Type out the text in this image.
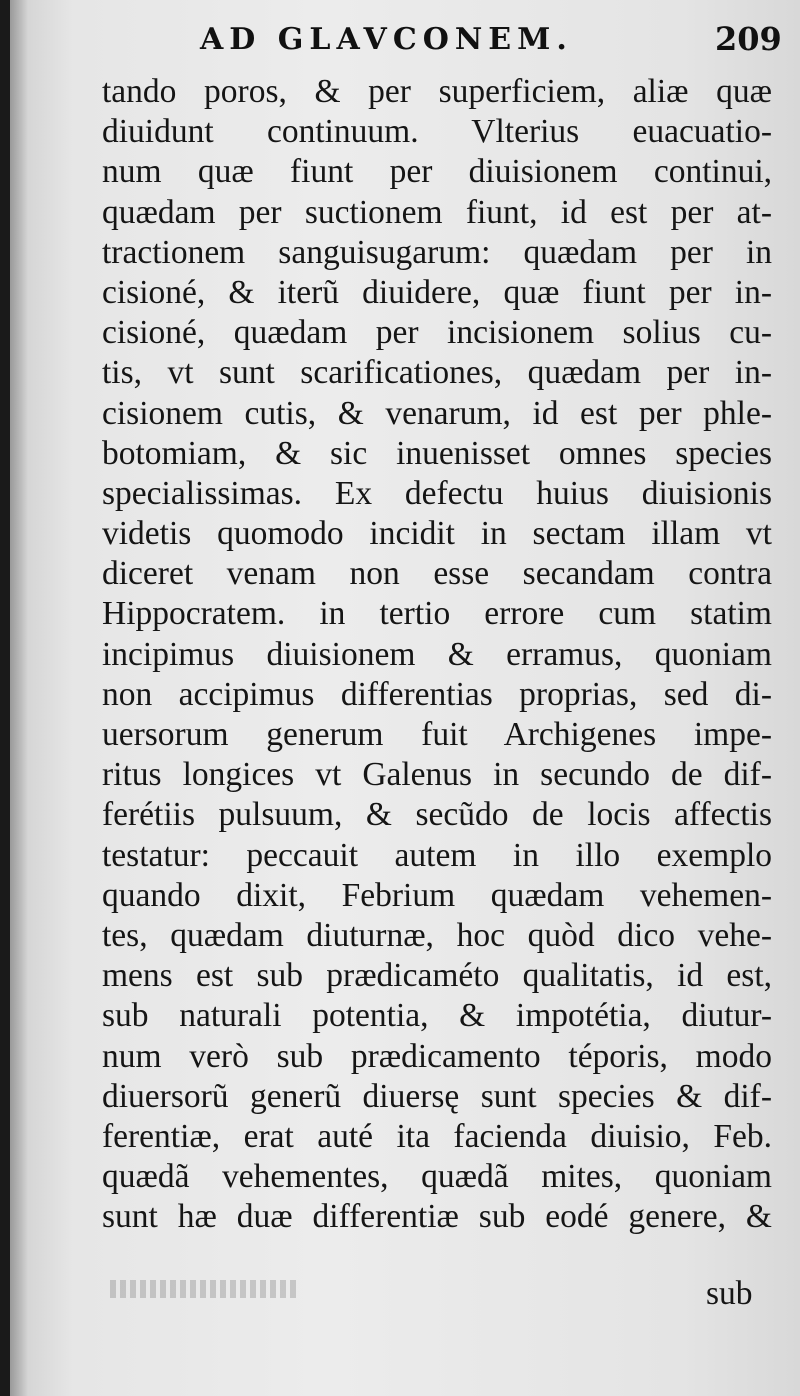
AD GLAVCONEM.	209
tando poros, & per superficiem, aliæ quæ
diuidunt continuum. Vlterius euacuatio-
num quæ fiunt per diuisionem continui,
quædam per suctionem fiunt, id est per at-
tractionem sanguisugarum: quædam per in
cisioné, & iterũ diuidere, quæ fiunt per in-
cisioné, quædam per incisionem solius cu-
tis, vt sunt scarificationes, quædam per in-
cisionem cutis, & venarum, id est per phle-
botomiam, & sic inuenisset omnes species
specialissimas. Ex defectu huius diuisionis
videtis quomodo incidit in sectam illam vt
diceret venam non esse secandam contra
Hippocratem. in tertio errore cum statim
incipimus diuisionem & erramus, quoniam
non accipimus differentias proprias, sed di-
uersorum generum fuit Archigenes impe-
ritus longices vt Galenus in secundo de dif-
ferétiis pulsuum, & secũdo de locis affectis
testatur: peccauit autem in illo exemplo
quando dixit, Febrium quædam vehemen-
tes, quædam diuturnæ, hoc quòd dico vehe-
mens est sub prædicaméto qualitatis, id est,
sub naturali potentia, & impotétia, diutur-
num verò sub prædicamento téporis, modo
diuersorũ generũ diuersę sunt species & dif-
ferentiæ, erat auté ita facienda diuisio, Feb.
quædã vehementes, quædã mites, quoniam
sunt hæ duæ differentiæ sub eodé genere, &
sub
